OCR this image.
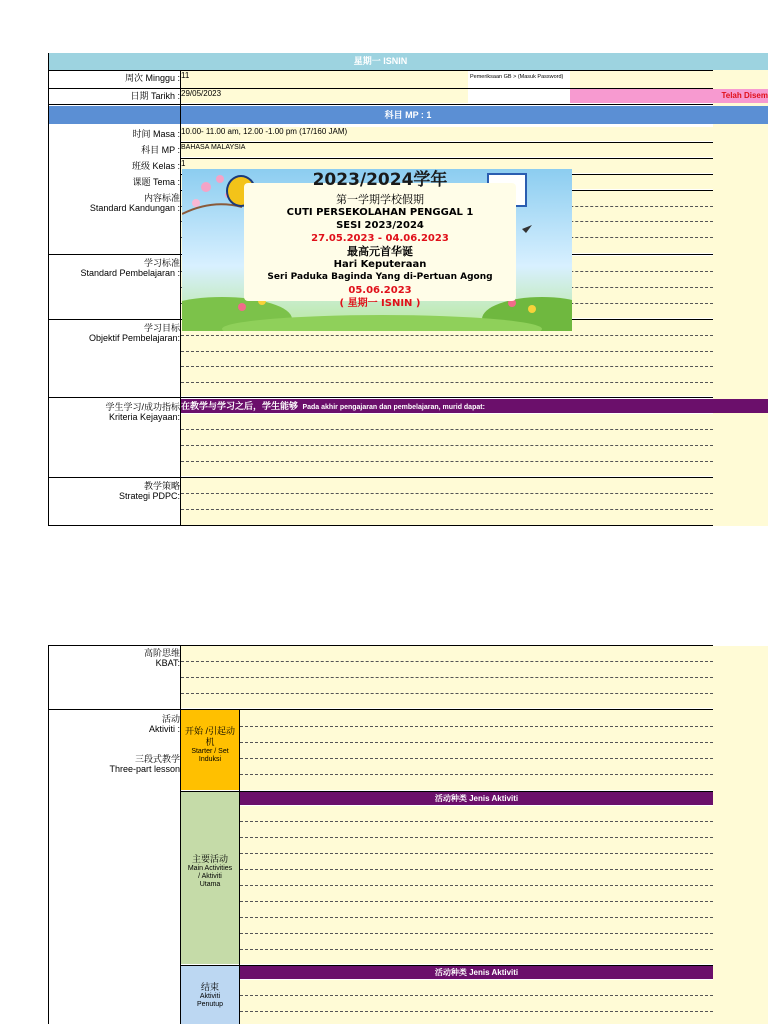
星期一 ISNIN
周次 Minggu : 11	Pemeriksaan GB > (Masuk Password)
日期 Tarikh : 29/05/2023	Telah Disem
科目 MP : 1
时间 Masa : 10.00- 11.00 am, 12.00 -1.00 pm (17/160 JAM)
科目 MP : BAHASA MALAYSIA
班级 Kelas : 1
课题 Tema :
内容标准
Standard Kandungan :
学习标准
Standard Pembelajaran :
学习目标
Objektif Pembelajaran:
学生学习/成功指标
Kriteria Kejayaan:
在教学与学习之后，学生能够 Pada akhir pengajaran dan pembelajaran, murid dapat:
教学策略
Strategi PDPC:
2023/2024学年
第一学期学校假期
CUTI PERSEKOLAHAN PENGGAL 1
SESI 2023/2024
27.05.2023 - 04.06.2023
最高元首华诞
Hari Keputeraan
Seri Paduka Baginda Yang di-Pertuan Agong
05.06.2023
( 星期一 ISNIN )
高阶思维
KBAT:
活动
Aktiviti :
三段式教学
Three-part lesson
开始 /引起动机
Starter / Set Induksi
主要活动
Main Activities / Aktiviti Utama
活动种类 Jenis Aktiviti
结束
Aktiviti Penutup
活动种类 Jenis Aktiviti
